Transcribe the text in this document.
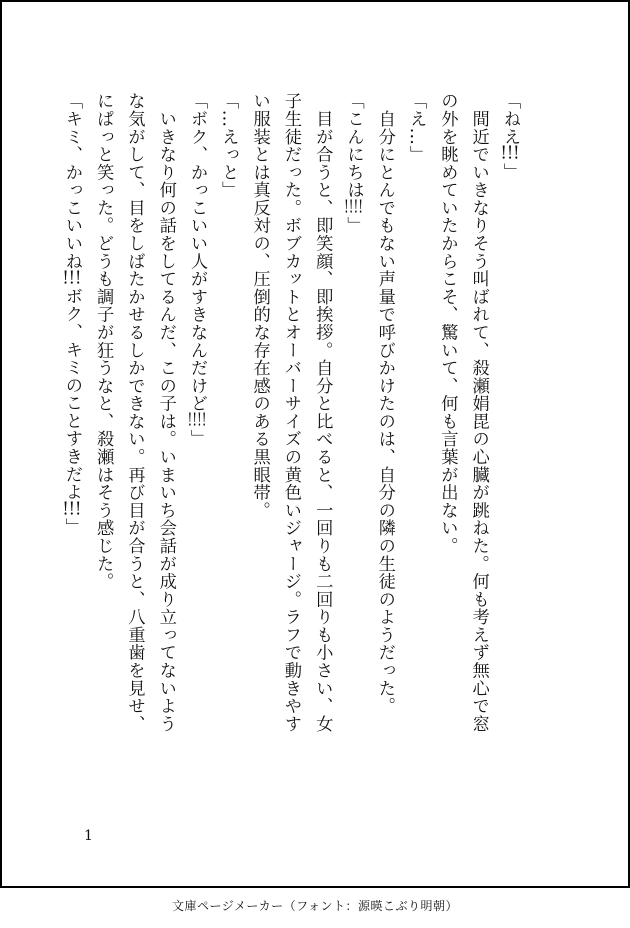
「ねえ!!!」
　間近でいきなりそう叫ばれて、殺瀬娟毘の心臓が跳ねた。何も考えず無心で窓
の外を眺めていたからこそ、驚いて、何も言葉が出ない。
「え…」
　自分にとんでもない声量で呼びかけたのは、自分の隣の生徒のようだった。
「こんにちは!!!!」
　目が合うと、即笑顔、即挨拶。自分と比べると、一回りも二回りも小さい、女
子生徒だった。ボブカットとオーバーサイズの黄色いジャージ。ラフで動きやす
い服装とは真反対の、圧倒的な存在感のある黒眼帯。
「…えっと」
「ボク、かっこいい人がすきなんだけど!!!!」
　いきなり何の話をしてるんだ、この子は。いまいち会話が成り立ってないよう
な気がして、目をしばたかせるしかできない。再び目が合うと、八重歯を見せ、
にぱっと笑った。どうも調子が狂うなと、殺瀬はそう感じた。
「キミ、かっこいいね!!!ボク、キミのことすきだよ!!!」
1
文庫ページメーカー（フォント：源暎こぶり明朝）
